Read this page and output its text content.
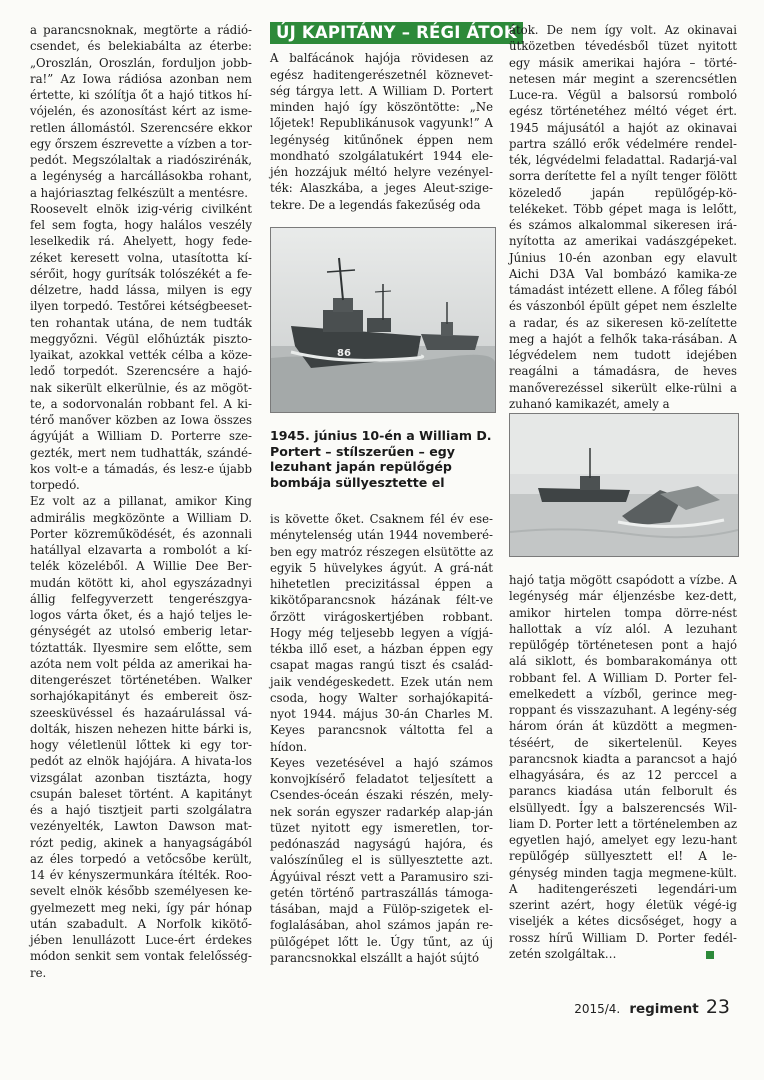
a parancsnoknak, megtörte a rádió-csendet, és belekiabálta az éterbe: „Oroszlán, Oroszlán, forduljon jobb-ra!” Az Iowa rádiósa azonban nem értette, ki szólítja őt a hajó titkos hí-vójelén, és azonosítást kért az isme-retlen állomástól. Szerencsére ekkor egy őrszem észrevette a vízben a tor-pedót. Megszólaltak a riadószirénák, a legénység a harcállásokba rohant, a hajóriasztag felkészült a mentésre.

Roosevelt elnök izig-vérig civilként fel sem fogta, hogy halálos veszély leselkedik rá. Ahelyett, hogy fede-zéket keresett volna, utasította kí-sérőit, hogy gurítsák tolószékét a fe-délzetre, hadd lássa, milyen is egy ilyen torpedó. Testőrei kétségbeeset-ten rohantak utána, de nem tudták meggyőzni. Végül előhúzták piszto-lyaikat, azokkal vették célba a köze-ledő torpedót. Szerencsére a hajó-nak sikerült elkerülnie, és az mögöt-te, a sodorvonalán robbant fel. A ki-térő manőver közben az Iowa összes ágyúját a William D. Porterre sze-gezték, mert nem tudhatták, szándé-kos volt-e a támadás, és lesz-e újabb torpedó.

Ez volt az a pillanat, amikor King admirális megközönte a William D. Porter közreműködését, és azonnali hatállyal elzavarta a rombolót a kí-telék közeléből. A Willie Dee Ber-mudán kötött ki, ahol egyszázadnyi állig felfegyverzett tengerészgya-logos várta őket, és a hajó teljes le-génységét az utolsó emberig letar-tóztatták. Ilyesmire sem előtte, sem azóta nem volt példa az amerikai ha-ditengerészet történetében. Walker sorhajókapitányt és embereit ösz-szeesküvéssel és hazaárulással vá-dolták, hiszen nehezen hitte bárki is, hogy véletlenül lőttek ki egy tor-pedót az elnök hajójára. A hivata-los vizsgálat azonban tisztázta, hogy csupán baleset történt. A kapitányt és a hajó tisztjeit parti szolgálatra vezényelték, Lawton Dawson mat-rózt pedig, akinek a hanyagságából az éles torpedó a vetőcsőbe került, 14 év kényszermunkára ítélték. Roo-sevelt elnök később személyesen ke-gyelmezett meg neki, így pár hónap után szabadult. A Norfolk kikötő-jében lenullázott Luce-ért érdekes módon senkit sem vontak felelősség-re.

ÚJ KAPITÁNY – RÉGI ÁTOK

A balfácánok hajója rövidesen az egész haditengerészetnél köznevet-ség tárgya lett. A William D. Portert minden hajó így köszöntötte: „Ne lőjetek! Republikánusok vagyunk!” A legénység kitűnőnek éppen nem mondható szolgálatukért 1944 ele-jén hozzájuk méltó helyre vezényel-ték: Alaszkába, a jeges Aleut-szige-tekre. De a legendás fakezűség oda

86
1945. június 10-én a William D. Portert – stílszerűen – egy lezuhant japán repülőgép bombája süllyesztette el

is követte őket. Csaknem fél év ese-ménytelenség után 1944 novemberé-ben egy matróz részegen elsütötte az egyik 5 hüvelykes ágyút. A grá-nát hihetetlen precizitással éppen a kikötőparancsnok házának félt-ve őrzött virágoskertjében robbant. Hogy még teljesebb legyen a vígjá-tékba illő eset, a házban éppen egy csapat magas rangú tiszt és család-jaik vendégeskedett. Ezek után nem csoda, hogy Walter sorhajókapitá-nyot 1944. május 30-án Charles M. Keyes parancsnok váltotta fel a hídon.

Keyes vezetésével a hajó számos konvojkísérő feladatot teljesített a Csendes-óceán északi részén, mely-nek során egyszer radarkép alap-ján tüzet nyitott egy ismeretlen, tor-pedónaszád nagyságú hajóra, és valószínűleg el is süllyesztette azt. Ágyúival részt vett a Paramusiro szi-getén történő partraszállás támoga-tásában, majd a Fülöp-szigetek el-foglalásában, ahol számos japán re-pülőgépet lőtt le. Úgy tűnt, az új parancsnokkal elszállt a hajót sújtó

átok. De nem így volt. Az okinavai ütközetben tévedésből tüzet nyitott egy másik amerikai hajóra – törté-netesen már megint a szerencsétlen Luce-ra. Végül a balsorsú romboló egész történetéhez méltó véget ért. 1945 májusától a hajót az okinavai partra szálló erők védelmére rendel-ték, légvédelmi feladattal. Radarjá-val sorra derítette fel a nyílt tenger fölött közeledő japán repülőgép-kö-telékeket. Több gépet maga is lelőtt, és számos alkalommal sikeresen irá-nyította az amerikai vadászgépeket. Június 10-én azonban egy elavult Aichi D3A Val bombázó kamika-ze támadást intézett ellene. A főleg fából és vászonból épült gépet nem észlelte a radar, és az sikeresen kö-zelítette meg a hajót a felhők taka-rásában. A légvédelem nem tudott idejében reagálni a támadásra, de heves manőverezéssel sikerült elke-rülni a zuhanó kamikazét, amely a

hajó tatja mögött csapódott a vízbe. A legénység már éljenzésbe kez-dett, amikor hirtelen tompa dörre-nést hallottak a víz alól. A lezuhant repülőgép történetesen pont a hajó alá siklott, és bombarakománya ott robbant fel. A William D. Porter fel-emelkedett a vízből, gerince meg-roppant és visszazuhant. A legény-ség három órán át küzdött a megmen-téséért, de sikertelenül. Keyes parancsnok kiadta a parancsot a hajó elhagyására, és az 12 perccel a parancs kiadása után felborult és elsüllyedt. Így a balszerencsés Wil-liam D. Porter lett a történelemben az egyetlen hajó, amelyet egy lezu-hant repülőgép süllyesztett el! A le-génység minden tagja megmene-kült. A haditengerészeti legendári-um szerint azért, hogy életük végé-ig viseljék a kétes dicsőséget, hogy a rossz hírű William D. Porter fedél-zetén szolgáltak…

2015/4. regiment 23
